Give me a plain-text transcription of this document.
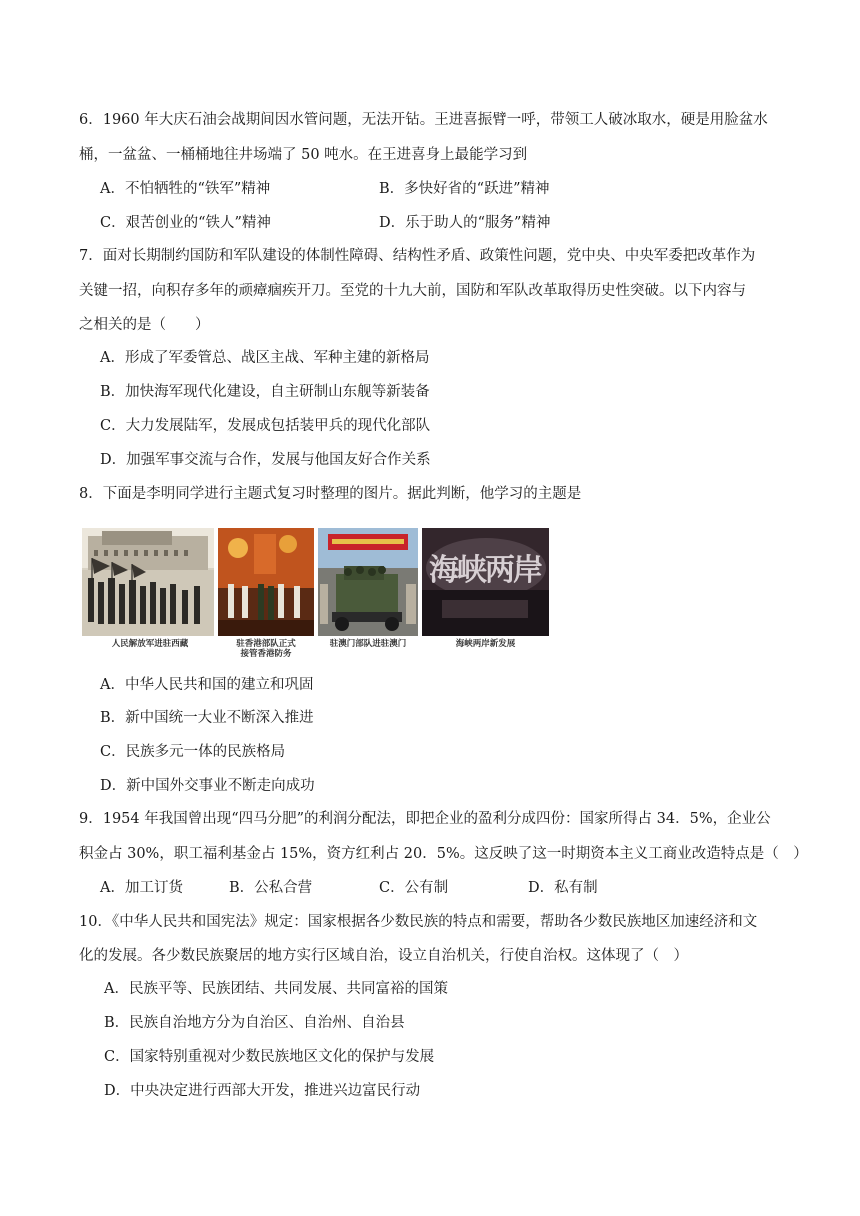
6．1960 年大庆石油会战期间因水管问题，无法开钻。王进喜振臂一呼，带领工人破冰取水，硬是用脸盆水
桶，一盆盆、一桶桶地往井场端了 50 吨水。在王进喜身上最能学习到
A．不怕牺牲的“铁军”精神	B．多快好省的“跃进”精神
C．艰苦创业的“铁人”精神	D．乐于助人的“服务”精神
7．面对长期制约国防和军队建设的体制性障碍、结构性矛盾、政策性问题，党中央、中央军委把改革作为
关键一招，向积存多年的顽瘴痼疾开刀。至党的十九大前，国防和军队改革取得历史性突破。以下内容与
之相关的是（　　）
A．形成了军委管总、战区主战、军种主建的新格局
B．加快海军现代化建设，自主研制山东舰等新装备
C．大力发展陆军，发展成包括装甲兵的现代化部队
D．加强军事交流与合作，发展与他国友好合作关系
8．下面是李明同学进行主题式复习时整理的图片。据此判断，他学习的主题是
海峡两岸
人民解放军进驻西藏	驻香港部队正式
接管香港防务
驻澳门部队进驻澳门	海峡两岸新发展
A．中华人民共和国的建立和巩固
B．新中国统一大业不断深入推进
C．民族多元一体的民族格局
D．新中国外交事业不断走向成功
9．1954 年我国曾出现“四马分肥”的利润分配法，即把企业的盈利分成四份：国家所得占 34．5%，企业公
积金占 30%，职工福利基金占 15%，资方红利占 20．5%。这反映了这一时期资本主义工商业改造特点是（　）
A．加工订货	B．公私合营	C．公有制	D．私有制
10．《中华人民共和国宪法》规定：国家根据各少数民族的特点和需要，帮助各少数民族地区加速经济和文
化的发展。各少数民族聚居的地方实行区域自治，设立自治机关，行使自治权。这体现了（　）
A．民族平等、民族团结、共同发展、共同富裕的国策
B．民族自治地方分为自治区、自治州、自治县
C．国家特别重视对少数民族地区文化的保护与发展
D．中央决定进行西部大开发，推进兴边富民行动
